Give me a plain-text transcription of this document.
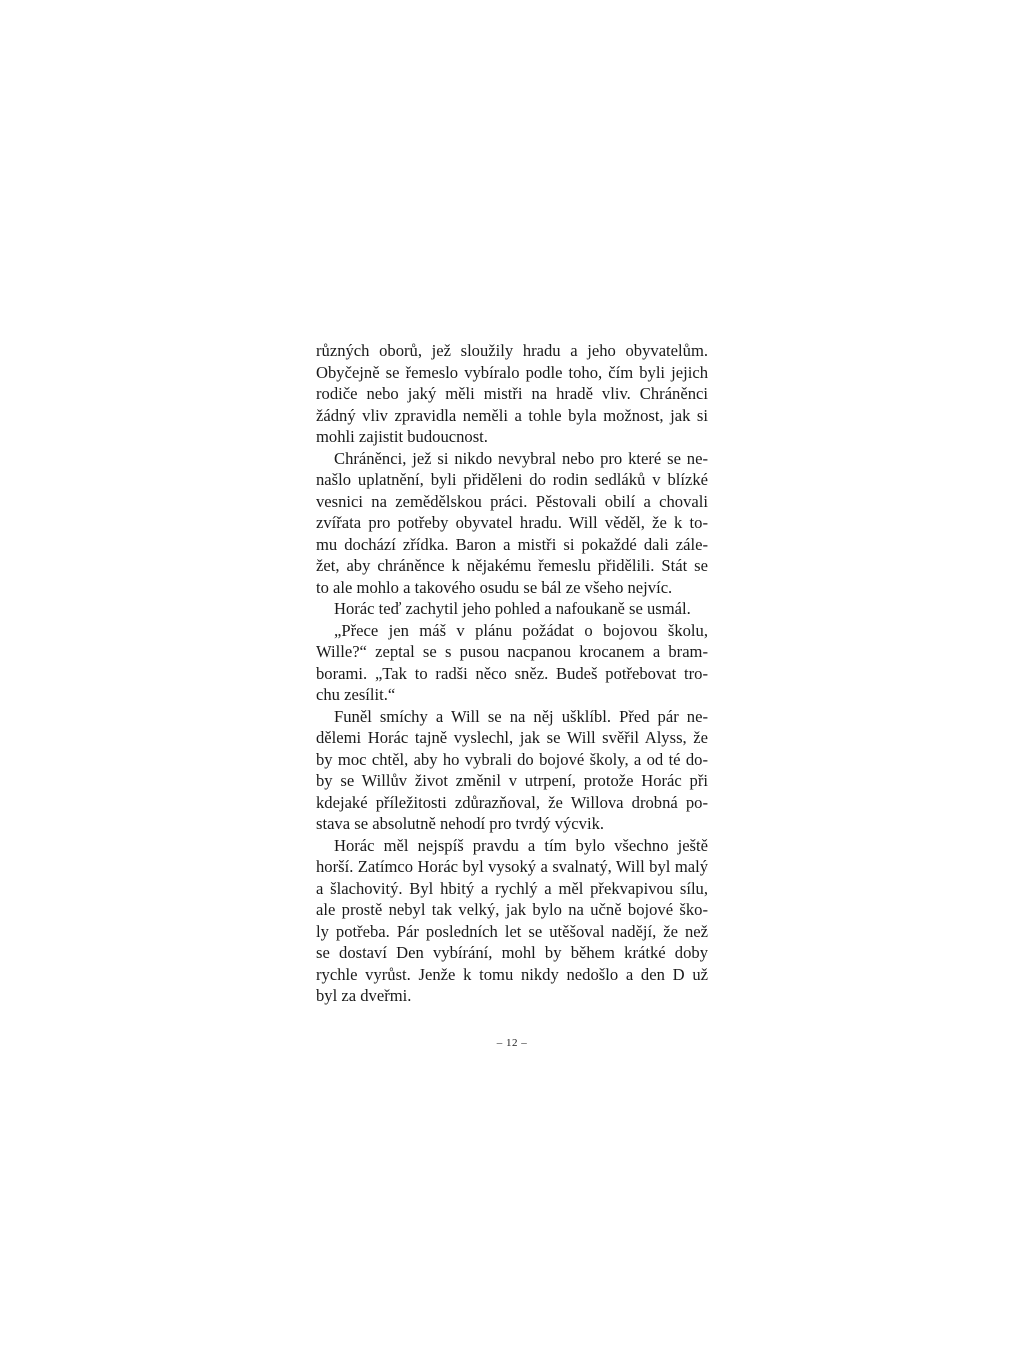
různých oborů, jež sloužily hradu a jeho obyvatelům.
Obyčejně se řemeslo vybíralo podle toho, čím byli jejich
rodiče nebo jaký měli mistři na hradě vliv. Chráněnci
žádný vliv zpravidla neměli a tohle byla možnost, jak si
mohli zajistit budoucnost.
Chráněnci, jež si nikdo nevybral nebo pro které se ne-
našlo uplatnění, byli přiděleni do rodin sedláků v blízké
vesnici na zemědělskou práci. Pěstovali obilí a chovali
zvířata pro potřeby obyvatel hradu. Will věděl, že k to-
mu dochází zřídka. Baron a mistři si pokaždé dali zále-
žet, aby chráněnce k nějakému řemeslu přidělili. Stát se
to ale mohlo a takového osudu se bál ze všeho nejvíc.
Horác teď zachytil jeho pohled a nafoukaně se usmál.
„Přece jen máš v plánu požádat o bojovou školu,
Wille?“ zeptal se s pusou nacpanou krocanem a bram-
borami. „Tak to radši něco sněz. Budeš potřebovat tro-
chu zesílit.“
Funěl smíchy a Will se na něj ušklíbl. Před pár ne-
dělemi Horác tajně vyslechl, jak se Will svěřil Alyss, že
by moc chtěl, aby ho vybrali do bojové školy, a od té do-
by se Willův život změnil v utrpení, protože Horác při
kdejaké příležitosti zdůrazňoval, že Willova drobná po-
stava se absolutně nehodí pro tvrdý výcvik.
Horác měl nejspíš pravdu a tím bylo všechno ještě
horší. Zatímco Horác byl vysoký a svalnatý, Will byl malý
a šlachovitý. Byl hbitý a rychlý a měl překvapivou sílu,
ale prostě nebyl tak velký, jak bylo na učně bojové ško-
ly potřeba. Pár posledních let se utěšoval nadějí, že než
se dostaví Den vybírání, mohl by během krátké doby
rychle vyrůst. Jenže k tomu nikdy nedošlo a den D už
byl za dveřmi.
– 12 –
